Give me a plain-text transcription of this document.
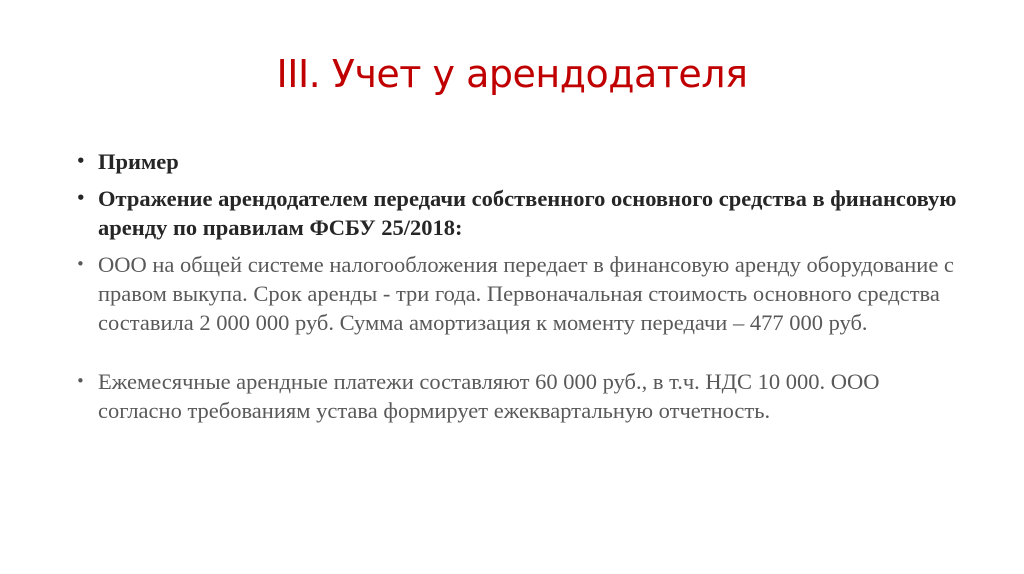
III. Учет у арендодателя
• Пример
• Отражение арендодателем передачи собственного основного средства в финансовую аренду по правилам ФСБУ 25/2018:
• ООО на общей системе налогообложения передает в финансовую аренду оборудование с правом выкупа. Срок аренды - три года. Первоначальная стоимость основного средства составила 2 000 000 руб. Сумма амортизация к моменту передачи – 477 000 руб.
• Ежемесячные арендные платежи составляют 60 000 руб., в т.ч. НДС 10 000. ООО согласно требованиям устава формирует ежеквартальную отчетность.
